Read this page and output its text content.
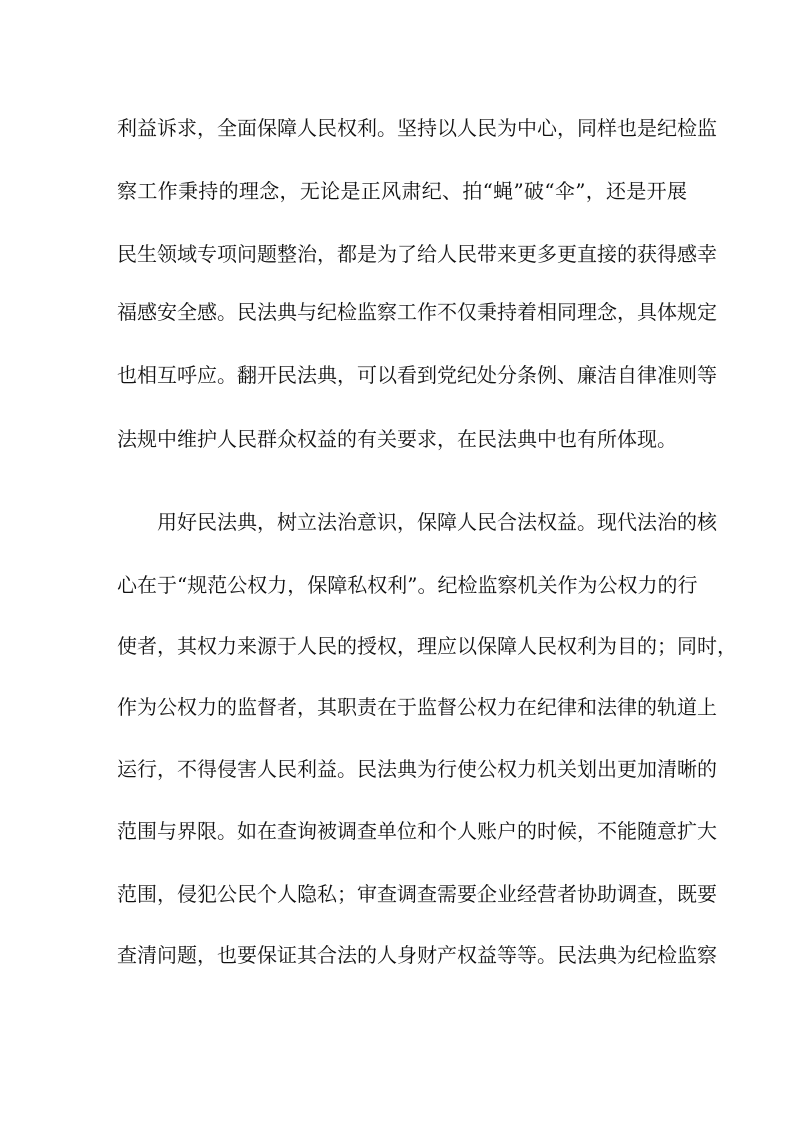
利益诉求，全面保障人民权利。坚持以人民为中心，同样也是纪检监
察工作秉持的理念，无论是正风肃纪、拍“蝇”破“伞”，还是开展
民生领域专项问题整治，都是为了给人民带来更多更直接的获得感幸
福感安全感。民法典与纪检监察工作不仅秉持着相同理念，具体规定
也相互呼应。翻开民法典，可以看到党纪处分条例、廉洁自律准则等
法规中维护人民群众权益的有关要求，在民法典中也有所体现。
用好民法典，树立法治意识，保障人民合法权益。现代法治的核
心在于“规范公权力，保障私权利”。纪检监察机关作为公权力的行
使者，其权力来源于人民的授权，理应以保障人民权利为目的；同时，
作为公权力的监督者，其职责在于监督公权力在纪律和法律的轨道上
运行，不得侵害人民利益。民法典为行使公权力机关划出更加清晰的
范围与界限。如在查询被调查单位和个人账户的时候，不能随意扩大
范围，侵犯公民个人隐私；审查调查需要企业经营者协助调查，既要
查清问题，也要保证其合法的人身财产权益等等。民法典为纪检监察
